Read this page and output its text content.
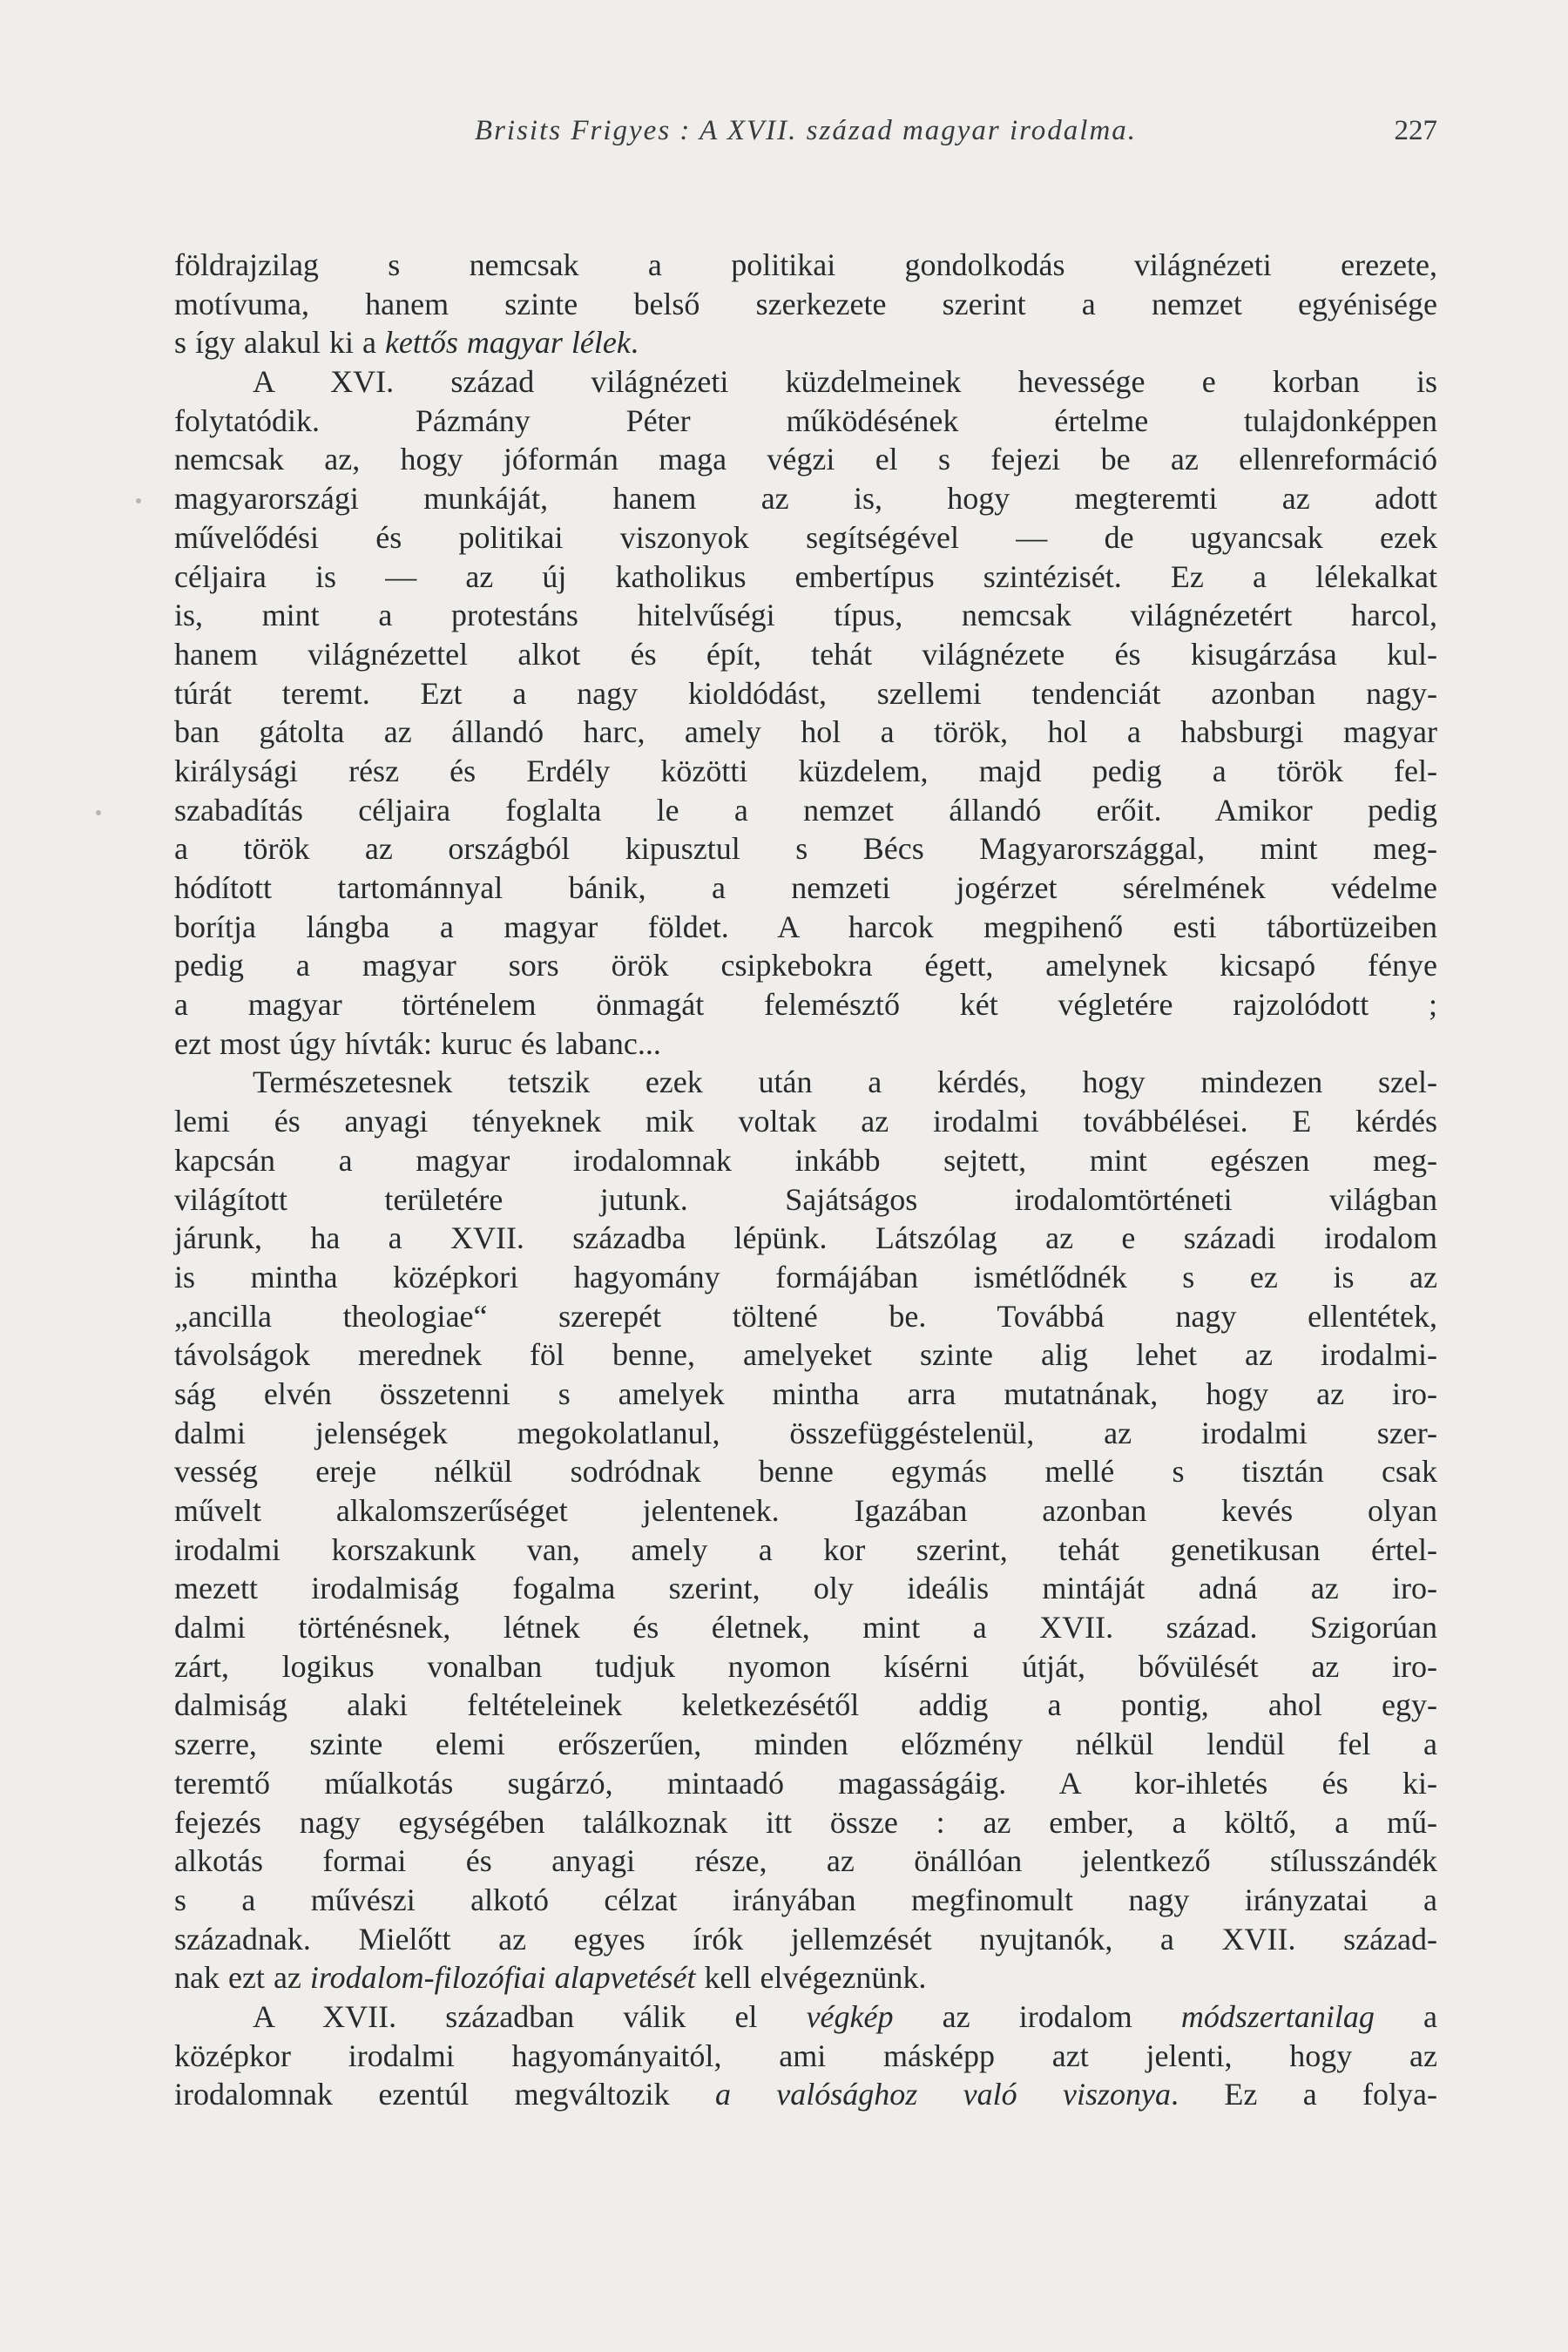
Brisits Frigyes : A XVII. század magyar irodalma.	227
földrajzilag s nemcsak a politikai gondolkodás világnézeti erezete,
motívuma, hanem szinte belső szerkezete szerint a nemzet egyénisége
s így alakul ki a kettős magyar lélek.
A XVI. század világnézeti küzdelmeinek hevessége e korban is
folytatódik. Pázmány Péter működésének értelme tulajdonképpen
nemcsak az, hogy jóformán maga végzi el s fejezi be az ellenreformáció
magyarországi munkáját, hanem az is, hogy megteremti az adott
művelődési és politikai viszonyok segítségével — de ugyancsak ezek
céljaira is — az új katholikus embertípus szintézisét. Ez a lélekalkat
is, mint a protestáns hitelvűségi típus, nemcsak világnézetért harcol,
hanem világnézettel alkot és épít, tehát világnézete és kisugárzása kul-
túrát teremt. Ezt a nagy kioldódást, szellemi tendenciát azonban nagy-
ban gátolta az állandó harc, amely hol a török, hol a habsburgi magyar
királysági rész és Erdély közötti küzdelem, majd pedig a török fel-
szabadítás céljaira foglalta le a nemzet állandó erőit. Amikor pedig
a török az országból kipusztul s Bécs Magyarországgal, mint meg-
hódított tartománnyal bánik, a nemzeti jogérzet sérelmének védelme
borítja lángba a magyar földet. A harcok megpihenő esti tábortüzeiben
pedig a magyar sors örök csipkebokra égett, amelynek kicsapó fénye
a magyar történelem önmagát felemésztő két végletére rajzolódott ;
ezt most úgy hívták: kuruc és labanc...
Természetesnek tetszik ezek után a kérdés, hogy mindezen szel-
lemi és anyagi tényeknek mik voltak az irodalmi továbbélései. E kérdés
kapcsán a magyar irodalomnak inkább sejtett, mint egészen meg-
világított területére jutunk. Sajátságos irodalomtörténeti világban
járunk, ha a XVII. századba lépünk. Látszólag az e századi irodalom
is mintha középkori hagyomány formájában ismétlődnék s ez is az
„ancilla theologiae“ szerepét töltené be. Továbbá nagy ellentétek,
távolságok merednek föl benne, amelyeket szinte alig lehet az irodalmi-
ság elvén összetenni s amelyek mintha arra mutatnának, hogy az iro-
dalmi jelenségek megokolatlanul, összefüggéstelenül, az irodalmi szer-
vesség ereje nélkül sodródnak benne egymás mellé s tisztán csak
művelt alkalomszerűséget jelentenek. Igazában azonban kevés olyan
irodalmi korszakunk van, amely a kor szerint, tehát genetikusan értel-
mezett irodalmiság fogalma szerint, oly ideális mintáját adná az iro-
dalmi történésnek, létnek és életnek, mint a XVII. század. Szigorúan
zárt, logikus vonalban tudjuk nyomon kísérni útját, bővülését az iro-
dalmiság alaki feltételeinek keletkezésétől addig a pontig, ahol egy-
szerre, szinte elemi erőszerűen, minden előzmény nélkül lendül fel a
teremtő műalkotás sugárzó, mintaadó magasságáig. A kor-ihletés és ki-
fejezés nagy egységében találkoznak itt össze : az ember, a költő, a mű-
alkotás formai és anyagi része, az önállóan jelentkező stílusszándék
s a művészi alkotó célzat irányában megfinomult nagy irányzatai a
századnak. Mielőtt az egyes írók jellemzését nyujtanók, a XVII. század-
nak ezt az irodalom-filozófiai alapvetését kell elvégeznünk.
A XVII. században válik el végkép az irodalom módszertanilag a
középkor irodalmi hagyományaitól, ami másképp azt jelenti, hogy az
irodalomnak ezentúl megváltozik a valósághoz való viszonya. Ez a folya-
